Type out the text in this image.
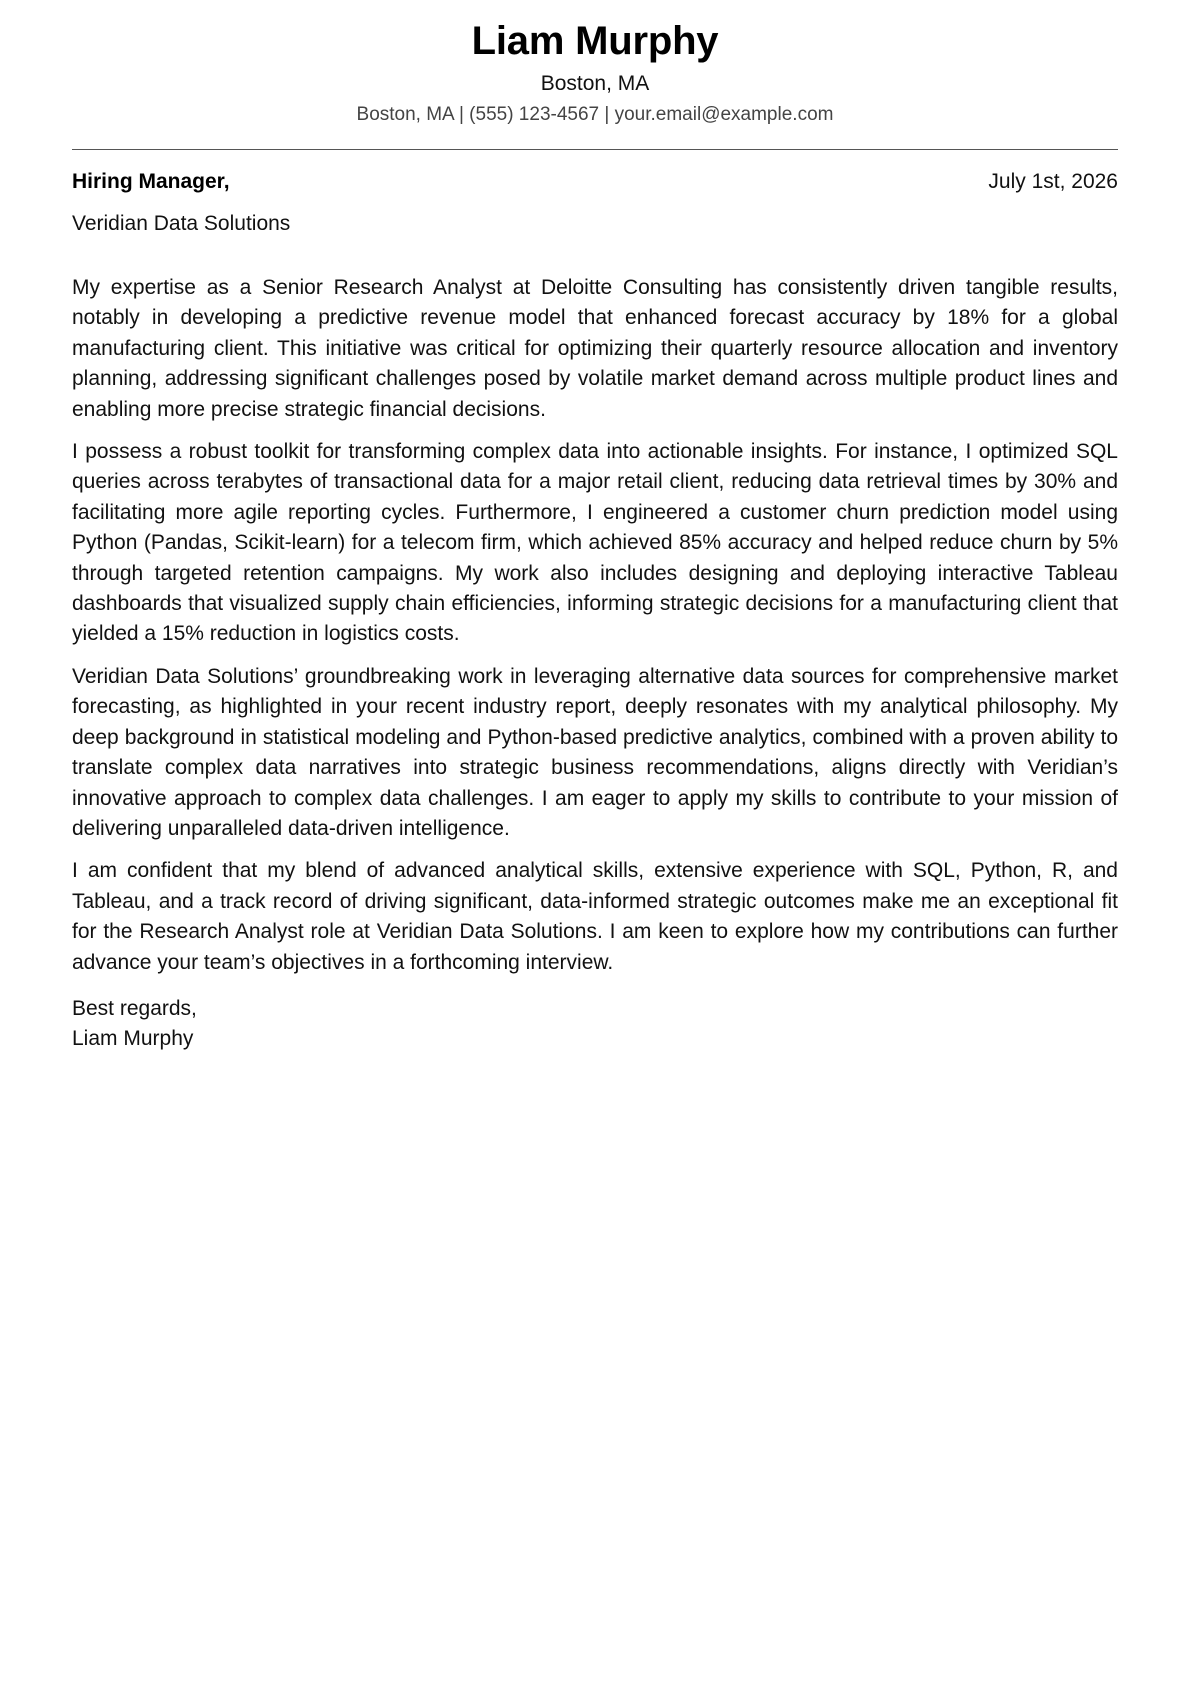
Liam Murphy
Boston, MA
Boston, MA | (555) 123-4567 | your.email@example.com
Hiring Manager,	July 1st, 2026
Veridian Data Solutions

My expertise as a Senior Research Analyst at Deloitte Consulting has consistently driven tangible results, notably in developing a predictive revenue model that enhanced forecast accuracy by 18% for a global manufacturing client. This initiative was critical for optimizing their quarterly resource allocation and inventory planning, addressing significant challenges posed by volatile market demand across multiple product lines and enabling more precise strategic financial decisions.

I possess a robust toolkit for transforming complex data into actionable insights. For instance, I optimized SQL queries across terabytes of transactional data for a major retail client, reducing data retrieval times by 30% and facilitating more agile reporting cycles. Furthermore, I engineered a customer churn prediction model using Python (Pandas, Scikit-learn) for a telecom firm, which achieved 85% accuracy and helped reduce churn by 5% through targeted retention campaigns. My work also includes designing and deploying interactive Tableau dashboards that visualized supply chain efficiencies, informing strategic decisions for a manufacturing client that yielded a 15% reduction in logistics costs.

Veridian Data Solutions’ groundbreaking work in leveraging alternative data sources for comprehensive market forecasting, as highlighted in your recent industry report, deeply resonates with my analytical philosophy. My deep background in statistical modeling and Python-based predictive analytics, combined with a proven ability to translate complex data narratives into strategic business recommendations, aligns directly with Veridian’s innovative approach to complex data challenges. I am eager to apply my skills to contribute to your mission of delivering unparalleled data-driven intelligence.

I am confident that my blend of advanced analytical skills, extensive experience with SQL, Python, R, and Tableau, and a track record of driving significant, data-informed strategic outcomes make me an exceptional fit for the Research Analyst role at Veridian Data Solutions. I am keen to explore how my contributions can further advance your team’s objectives in a forthcoming interview.

Best regards,
Liam Murphy
